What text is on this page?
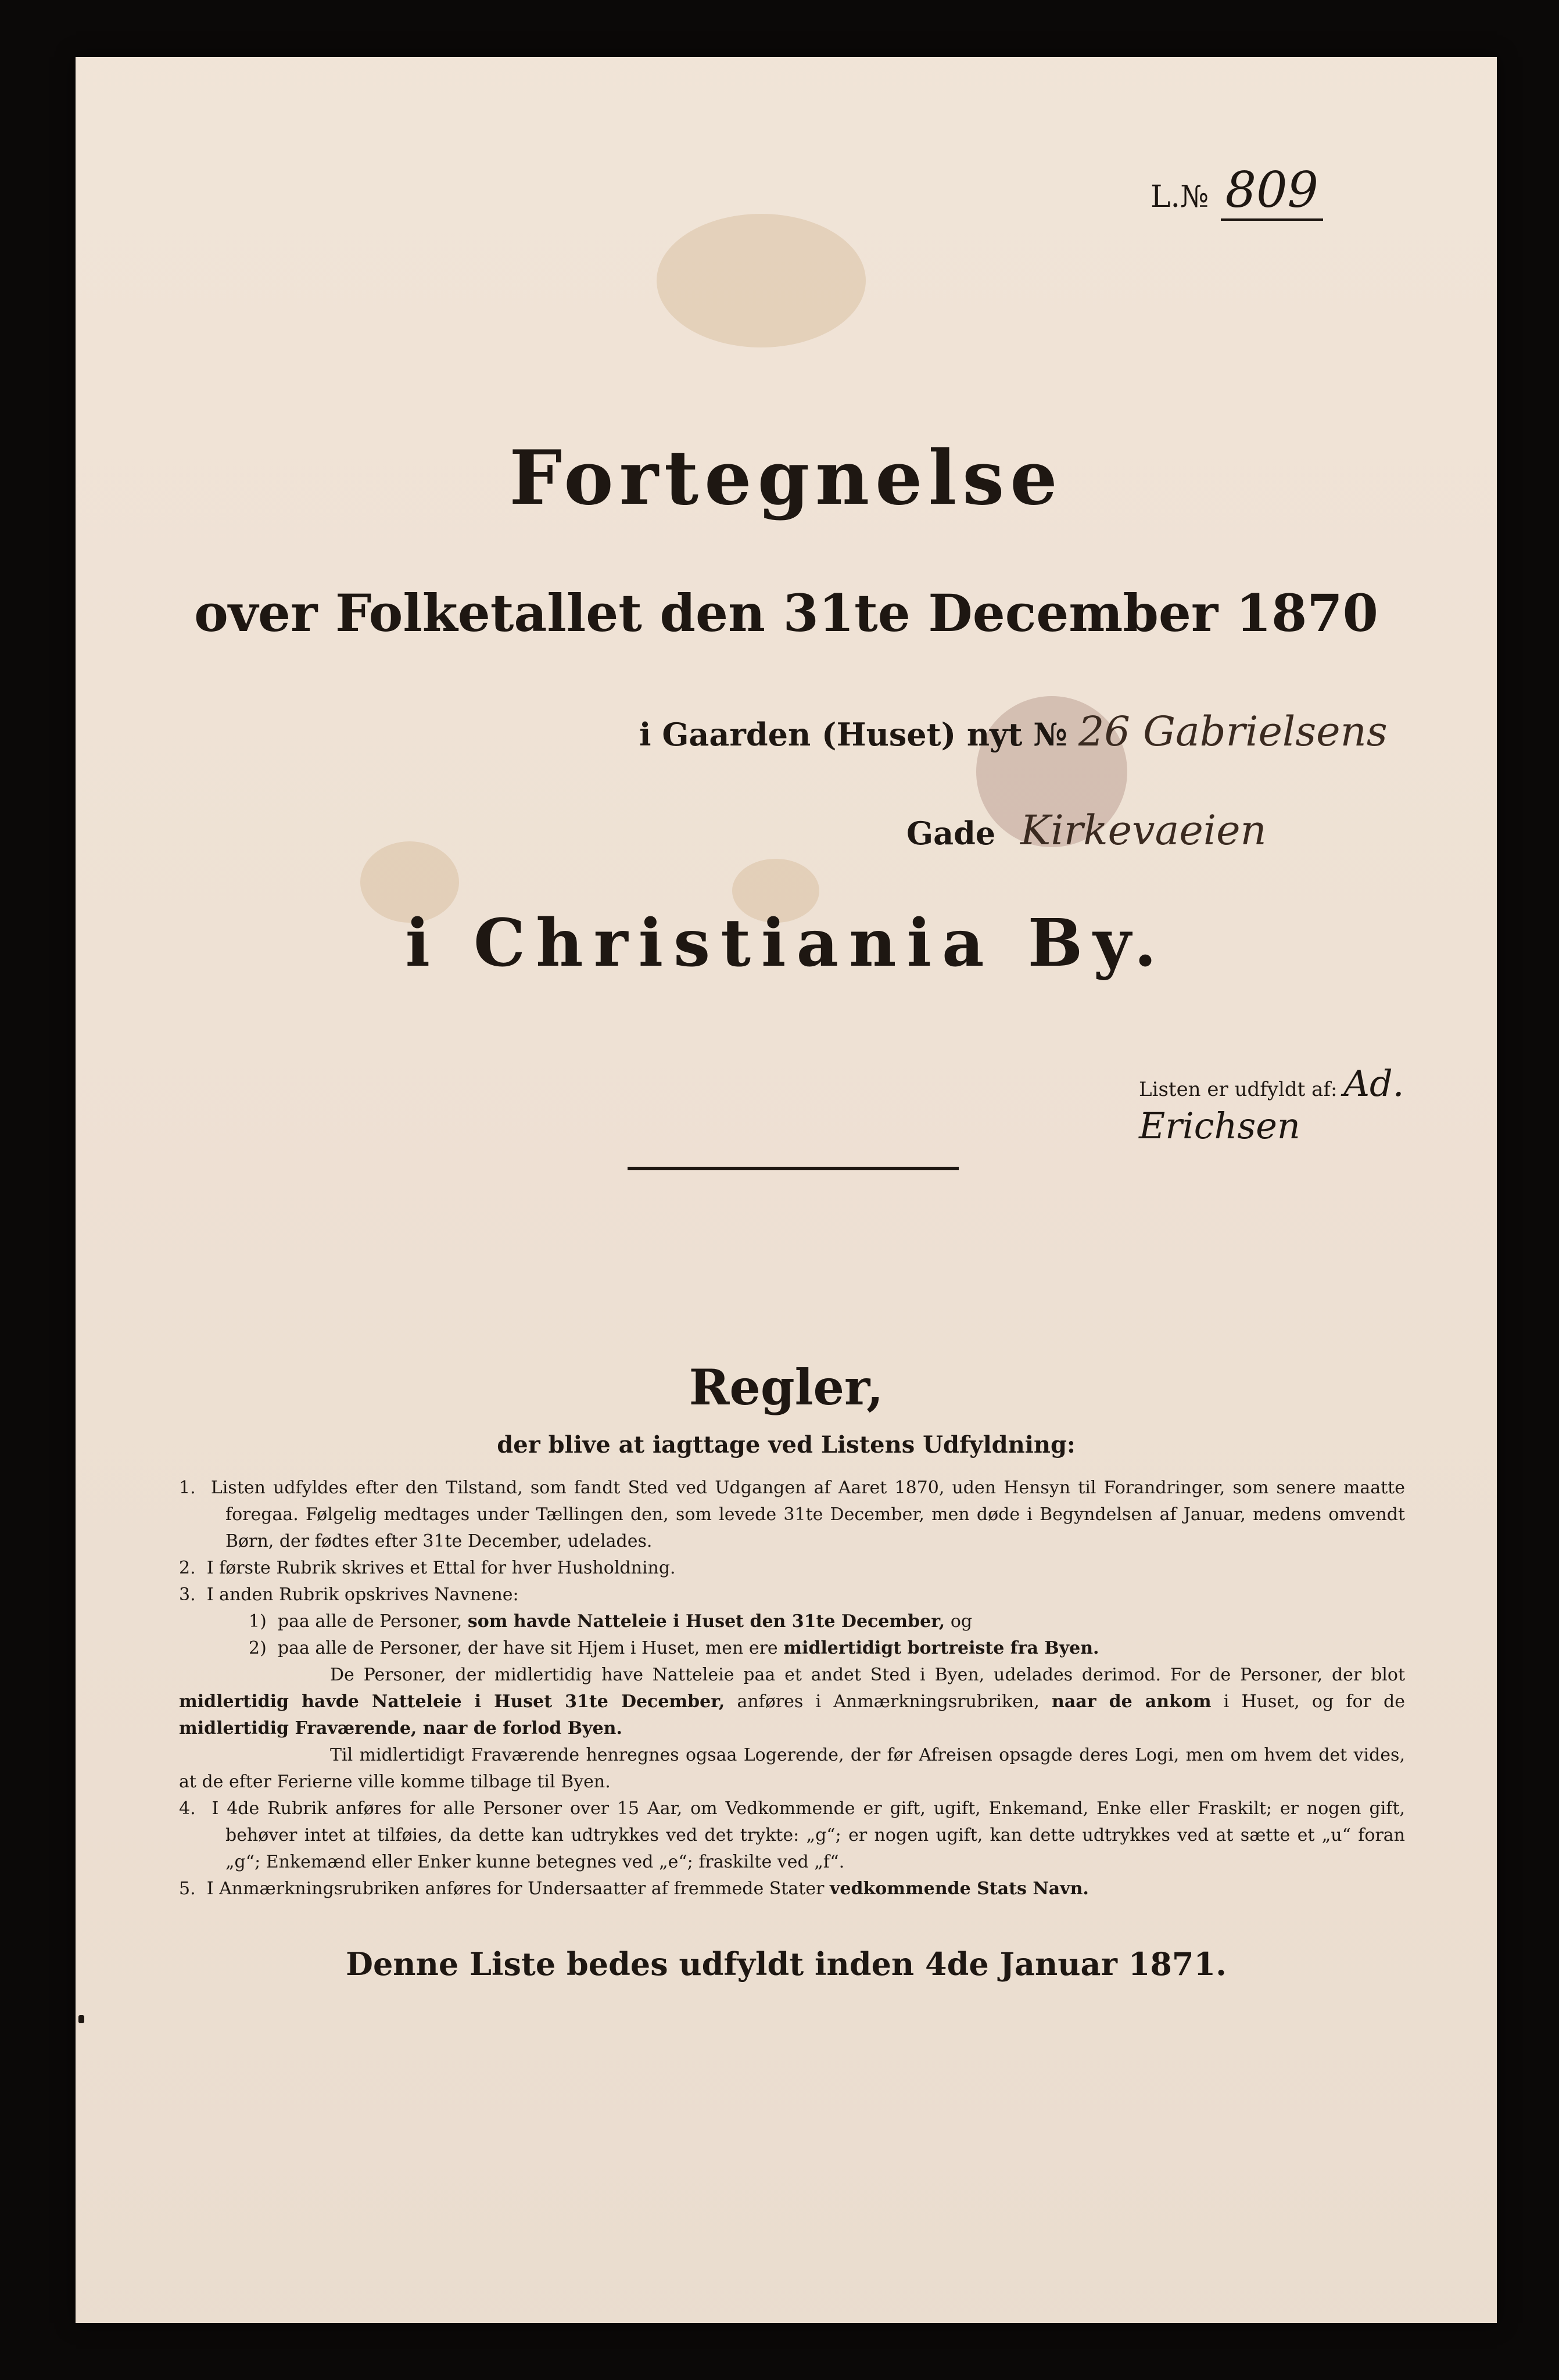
L.№ 809
Fortegnelse
over Folketallet den 31te December 1870
i Gaarden (Huset) nyt № 26 Gabrielsens
Gade Kirkevaeien
i Christiania By.
Listen er udfyldt af: Ad. Erichsen
Regler,
der blive at iagttage ved Listens Udfyldning:

1. Listen udfyldes efter den Tilstand, som fandt Sted ved Udgangen af Aaret 1870, uden Hensyn til Forandringer, som senere maatte foregaa. Følgelig medtages under Tællingen den, som levede 31te December, men døde i Begyndelsen af Januar, medens omvendt Børn, der fødtes efter 31te December, udelades.

2. I første Rubrik skrives et Ettal for hver Husholdning.

3. I anden Rubrik opskrives Navnene:

1) paa alle de Personer, som havde Natteleie i Huset den 31te December, og

2) paa alle de Personer, der have sit Hjem i Huset, men ere midlertidigt bortreiste fra Byen.

De Personer, der midlertidig have Natteleie paa et andet Sted i Byen, udelades derimod. For de Personer, der blot midlertidig havde Natteleie i Huset 31te December, anføres i Anmærkningsrubriken, naar de ankom i Huset, og for de midlertidig Fraværende, naar de forlod Byen.

Til midlertidigt Fraværende henregnes ogsaa Logerende, der før Afreisen opsagde deres Logi, men om hvem det vides, at de efter Ferierne ville komme tilbage til Byen.

4. I 4de Rubrik anføres for alle Personer over 15 Aar, om Vedkommende er gift, ugift, Enkemand, Enke eller Fraskilt; er nogen gift, behøver intet at tilføies, da dette kan udtrykkes ved det trykte: „g“; er nogen ugift, kan dette udtrykkes ved at sætte et „u“ foran „g“; Enkemænd eller Enker kunne betegnes ved „e“; fraskilte ved „f“.

5. I Anmærkningsrubriken anføres for Undersaatter af fremmede Stater vedkommende Stats Navn.

Denne Liste bedes udfyldt inden 4de Januar 1871.
